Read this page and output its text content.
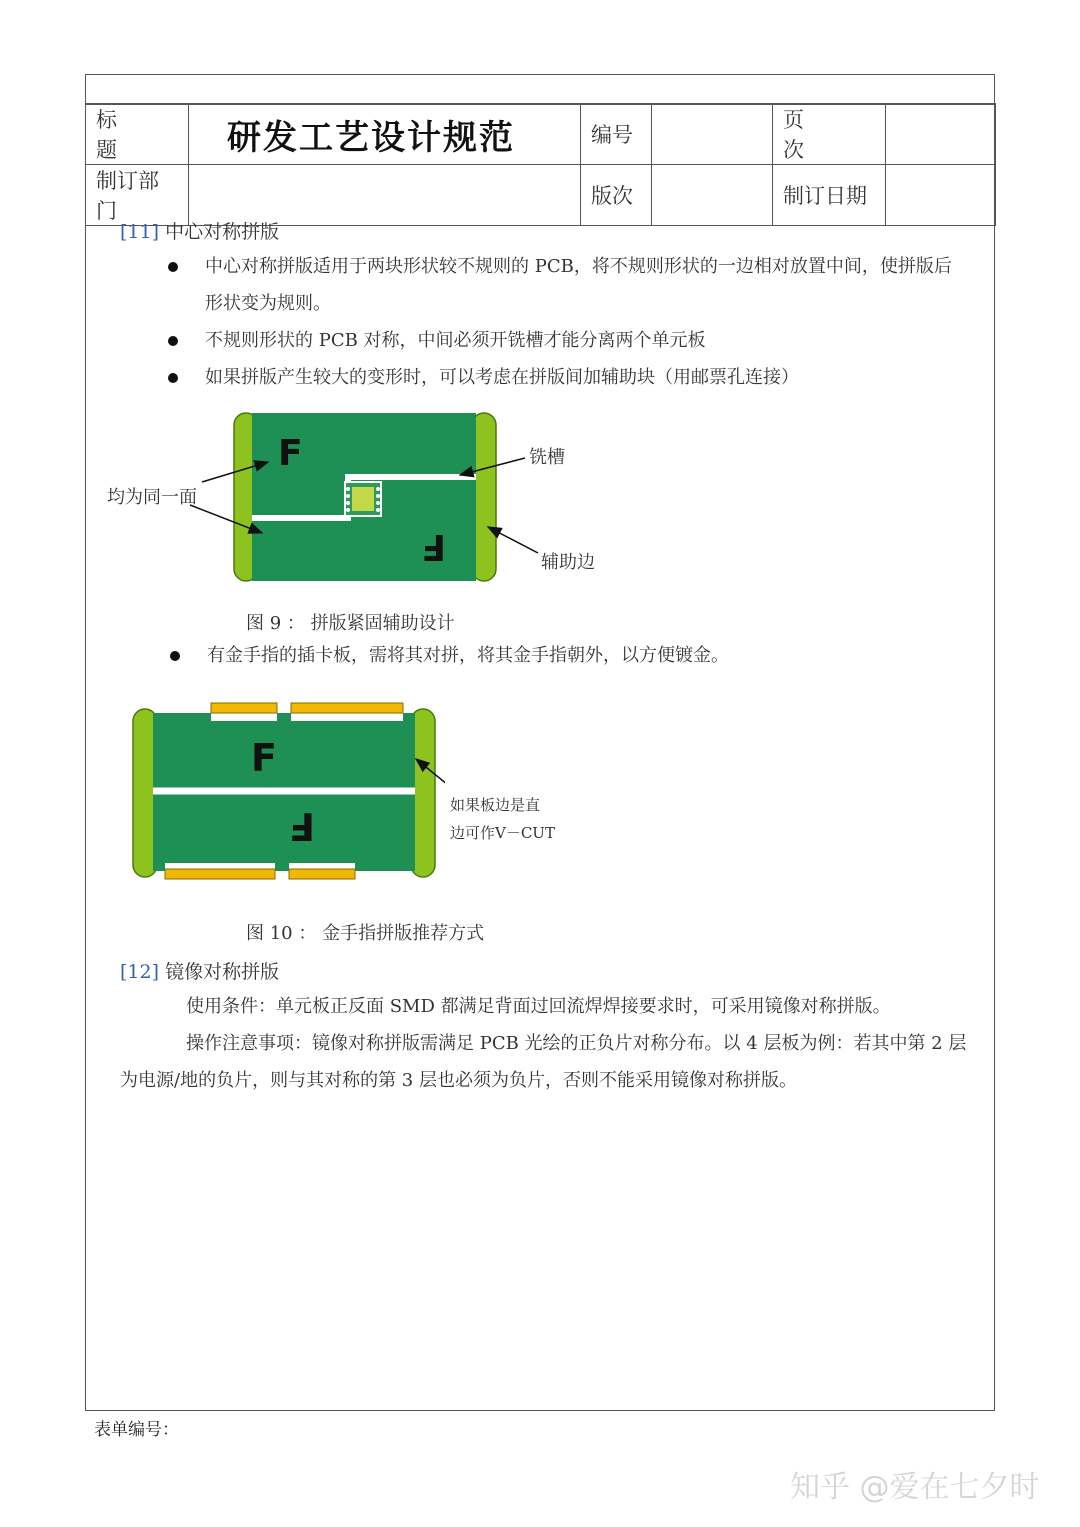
标 题	研发工艺设计规范	编号		页 次	
制订部门		版次		制订日期	
[11] 中心对称拼版
中心对称拼版适用于两块形状较不规则的 PCB，将不规则形状的一边相对放置中间，使拼版后
形状变为规则。
不规则形状的 PCB 对称，中间必须开铣槽才能分离两个单元板
如果拼版产生较大的变形时，可以考虑在拼版间加辅助块（用邮票孔连接）
F
F
均为同一面
铣槽
辅助边
图 9 ： 拼版紧固辅助设计
有金手指的插卡板，需将其对拼，将其金手指朝外，以方便镀金。
F
F	如果板边是直
边可作V－CUT
图 10 ： 金手指拼版推荐方式
[12] 镜像对称拼版
使用条件：单元板正反面 SMD 都满足背面过回流焊焊接要求时，可采用镜像对称拼版。
操作注意事项：镜像对称拼版需满足 PCB 光绘的正负片对称分布。以 4 层板为例：若其中第 2 层
为电源/地的负片，则与其对称的第 3 层也必须为负片，否则不能采用镜像对称拼版。
表单编号：
知乎 @爱在七夕时
